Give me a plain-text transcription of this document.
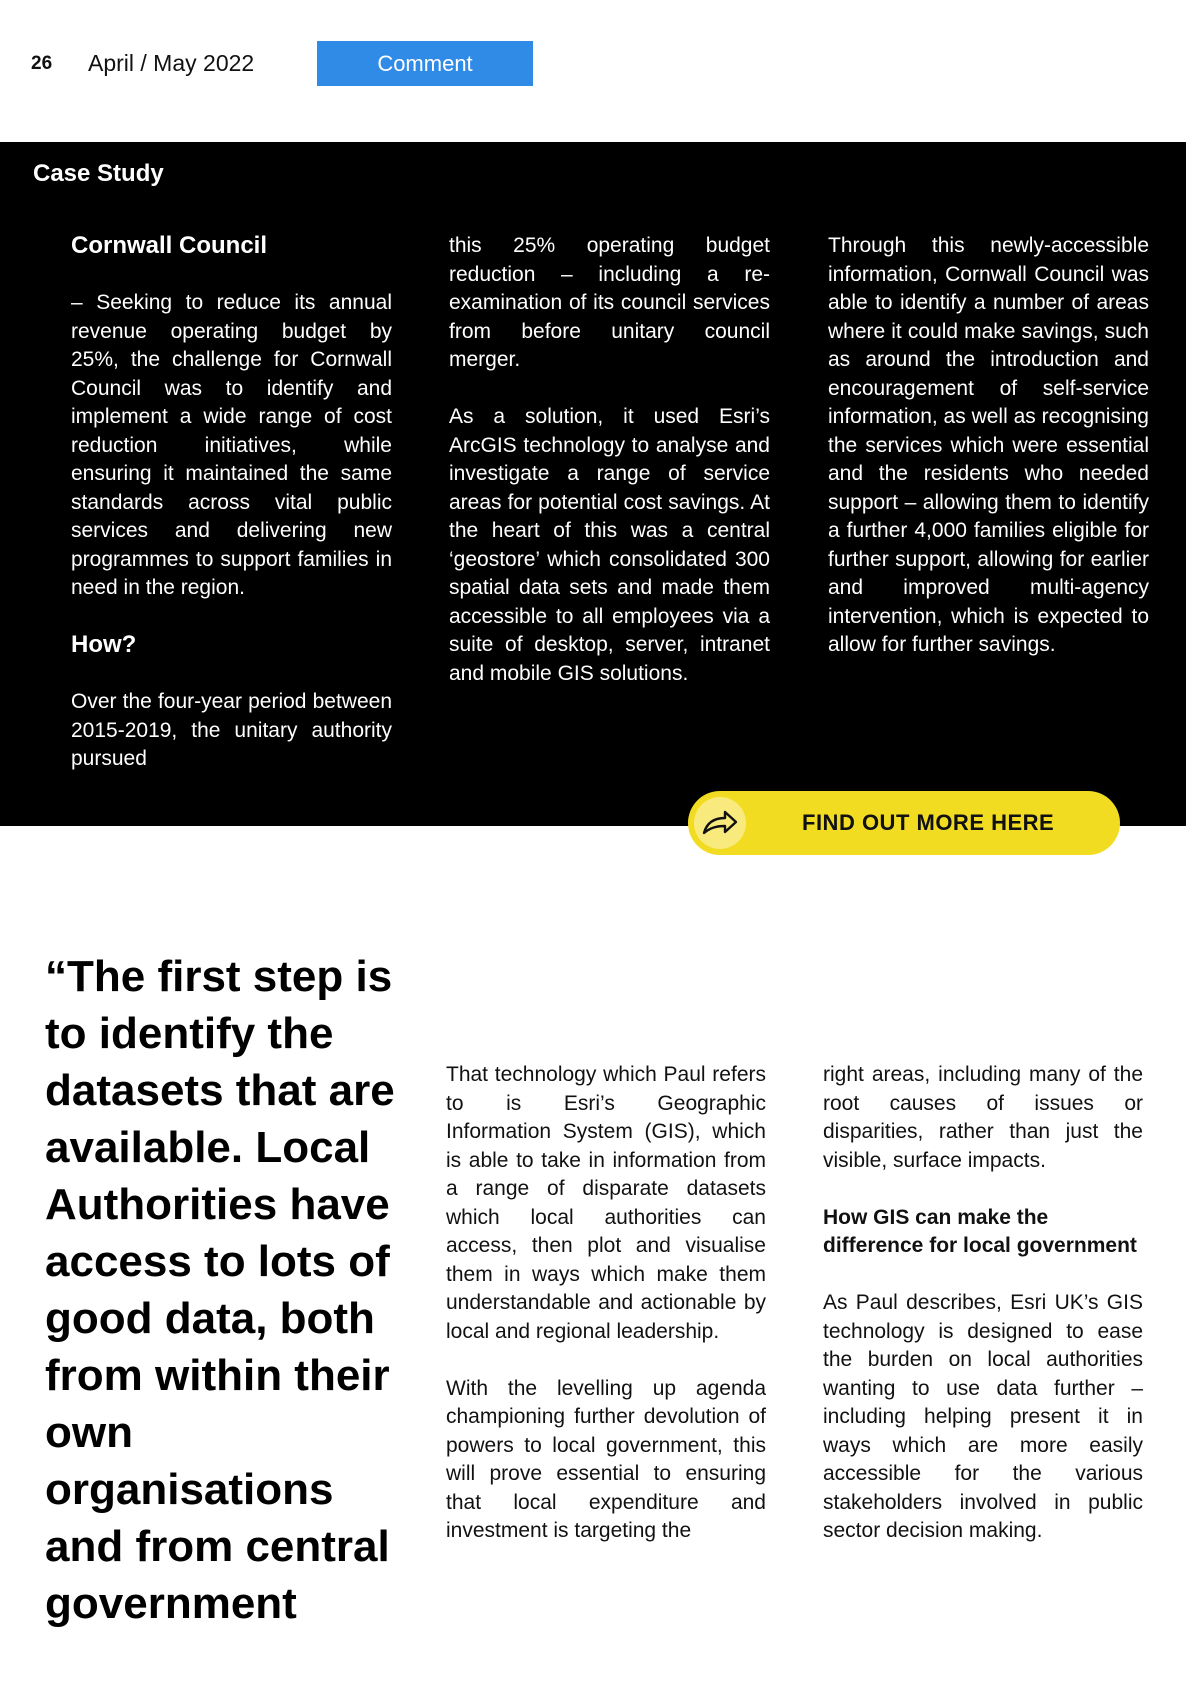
26 April / May 2022	Comment
Case Study
Cornwall Council

– Seeking to reduce its annual revenue operating budget by 25%, the challenge for Cornwall Council was to identify and implement a wide range of cost reduction initiatives, while ensuring it maintained the same standards across vital public services and delivering new programmes to support families in need in the region.

How?

Over the four-year period between 2015-2019, the unitary authority pursued

this 25% operating budget reduction – including a re-examination of its council services from before unitary council merger.

As a solution, it used Esri’s ArcGIS technology to analyse and investigate a range of service areas for potential cost savings. At the heart of this was a central ‘geostore’ which consolidated 300 spatial data sets and made them accessible to all employees via a suite of desktop, server, intranet and mobile GIS solutions.

Through this newly-accessible information, Cornwall Council was able to identify a number of areas where it could make savings, such as around the introduction and encouragement of self-service information, as well as recognising the services which were essential and the residents who needed support – allowing them to identify a further 4,000 families eligible for further support, allowing for earlier and improved multi-agency intervention, which is expected to allow for further savings.

FIND OUT MORE HERE
“The first step is to identify the datasets that are available. Local Authorities have access to lots of good data, both from within their own organisations and from central government

That technology which Paul refers to is Esri’s Geographic Information System (GIS), which is able to take in information from a range of disparate datasets which local authorities can access, then plot and visualise them in ways which make them understandable and actionable by local and regional leadership.

With the levelling up agenda championing further devolution of powers to local government, this will prove essential to ensuring that local expenditure and investment is targeting the

right areas, including many of the root causes of issues or disparities, rather than just the visible, surface impacts.

How GIS can make the difference for local government

As Paul describes, Esri UK’s GIS technology is designed to ease the burden on local authorities wanting to use data further – including helping present it in ways which are more easily accessible for the various stakeholders involved in public sector decision making.
